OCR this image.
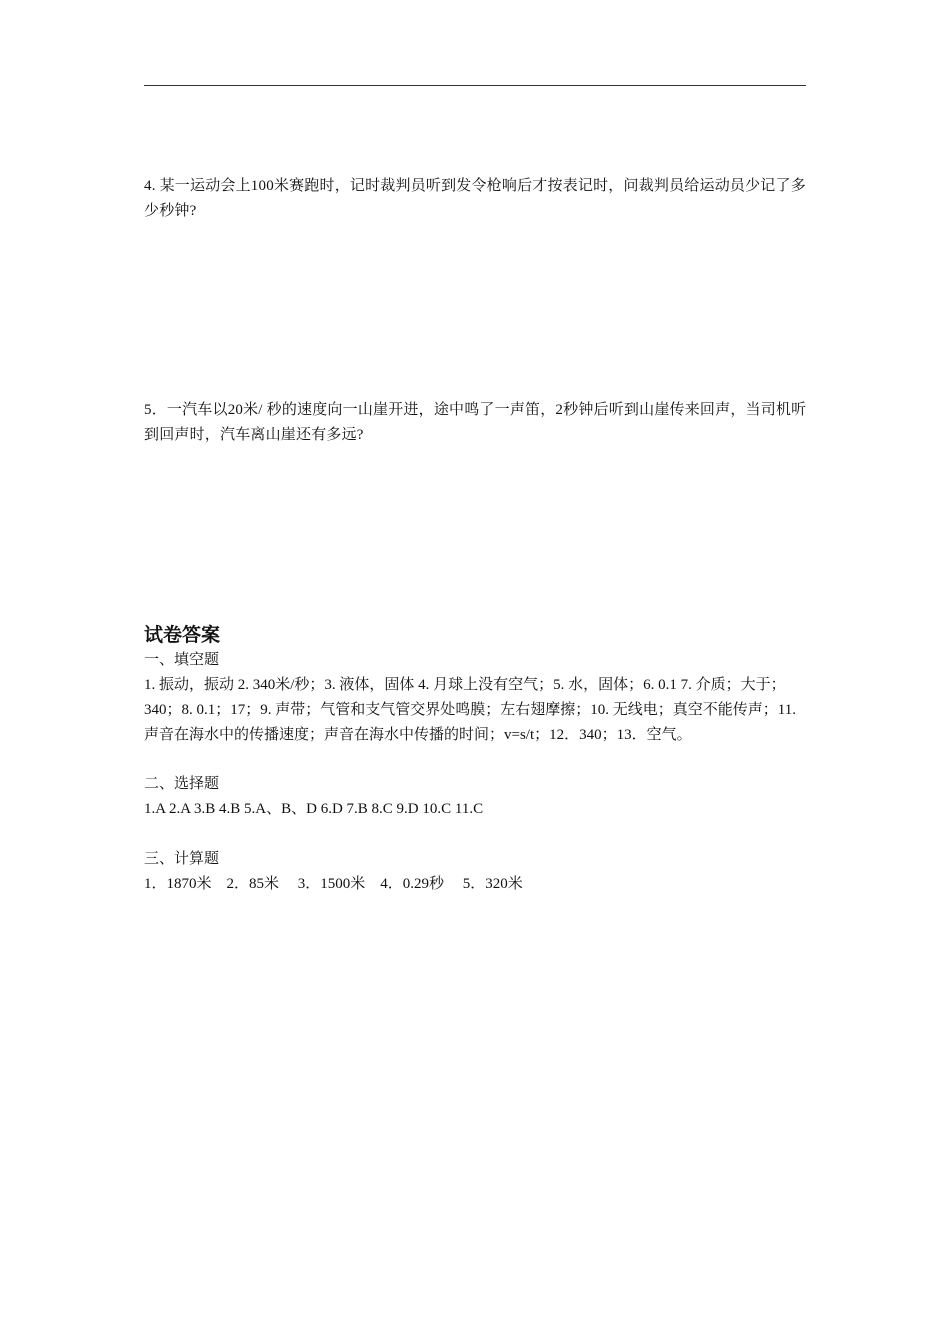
4. 某一运动会上100米赛跑时，记时裁判员听到发令枪响后才按表记时，问裁判员给运动员少记了多少秒钟?
5．一汽车以20米/ 秒的速度向一山崖开进，途中鸣了一声笛，2秒钟后听到山崖传来回声，当司机听到回声时，汽车离山崖还有多远?
试卷答案
一、填空题
1. 振动，振动 2. 340米/秒；3. 液体，固体 4. 月球上没有空气；5. 水，固体；6. 0.1 7. 介质；大于；340；8. 0.1；17；9. 声带；气管和支气管交界处鸣膜；左右翅摩擦；10. 无线电；真空不能传声；11. 声音在海水中的传播速度；声音在海水中传播的时间；v=s/t；12．340；13．空气。
二、选择题
1.A 2.A 3.B 4.B 5.A、B、D 6.D 7.B 8.C 9.D 10.C 11.C
三、计算题
1．1870米    2．85米     3．1500米    4．0.29秒     5．320米
